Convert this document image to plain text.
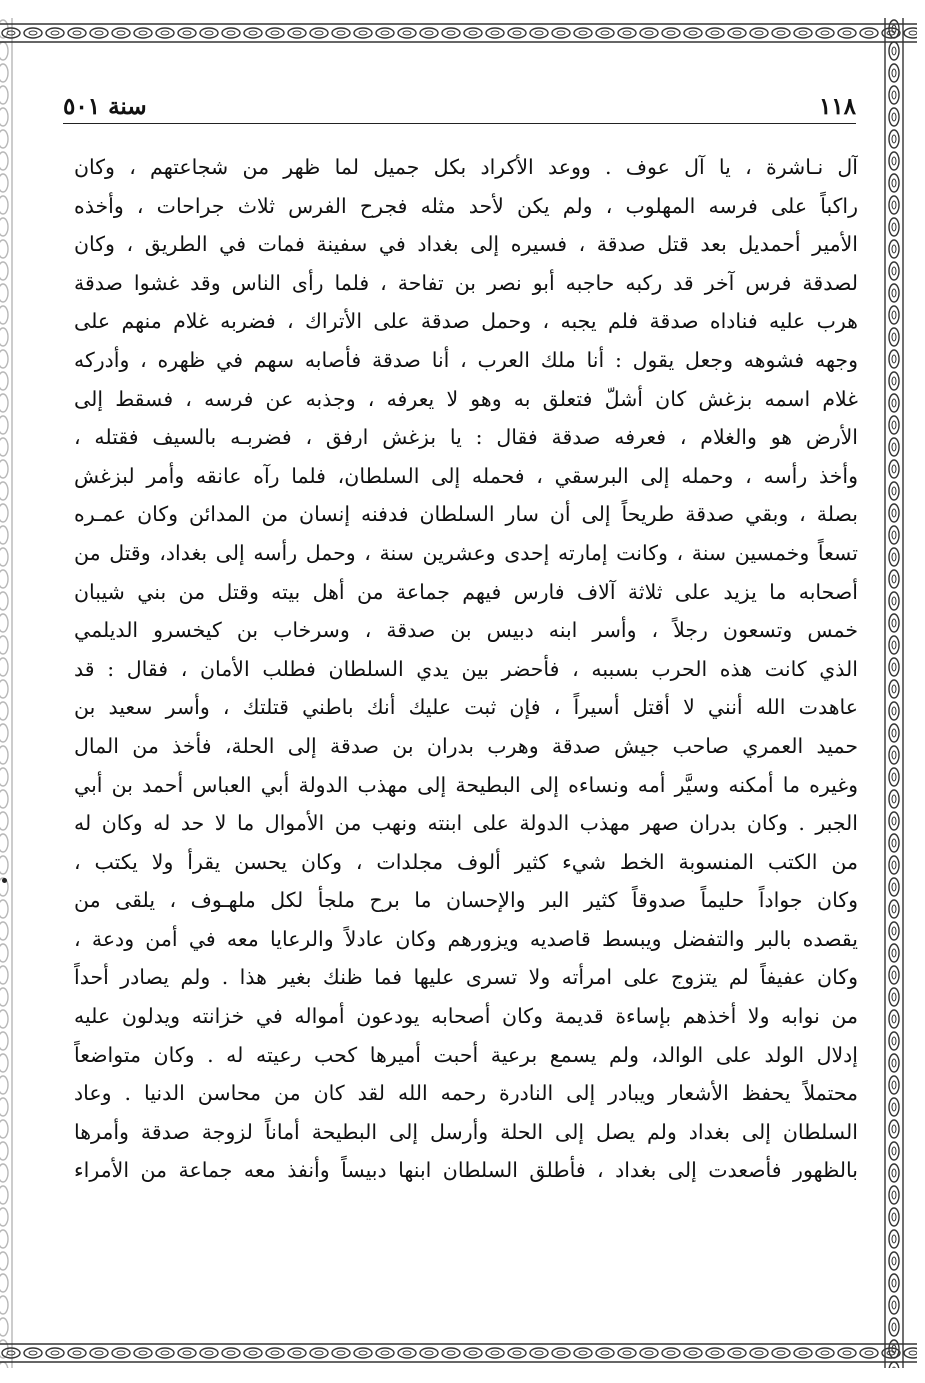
١١٨
سنة ٥٠١
آل نـاشرة ، يا آل عوف . ووعد الأكراد بكل جميل لما ظهر من شجاعتهم ، وكان
راكباً على فرسه المهلوب ، ولم يكن لأحد مثله فجرح الفرس ثلاث جراحات ، وأخذه
الأمير أحمديل بعد قتل صدقة ، فسيره إلى بغداد في سفينة فمات في الطريق ، وكان
لصدقة فرس آخر قد ركبه حاجبه أبو نصر بن تفاحة ، فلما رأى الناس وقد غشوا صدقة
هرب عليه فناداه صدقة فلم يجبه ، وحمل صدقة على الأتراك ، فضربه غلام منهم على
وجهه فشوهه وجعل يقول : أنا ملك العرب ، أنا صدقة فأصابه سهم في ظهره ، وأدركه
غلام اسمه بزغش كان أشلّ فتعلق به وهو لا يعرفه ، وجذبه عن فرسه ، فسقط إلى
الأرض هو والغلام ، فعرفه صدقة فقال : يا بزغش ارفق ، فضربـه بالسيف فقتله ،
وأخذ رأسه ، وحمله إلى البرسقي ، فحمله إلى السلطان، فلما رآه عانقه وأمر لبزغش
بصلة ، وبقي صدقة طريحاً إلى أن سار السلطان فدفنه إنسان من المدائن وكان عمـره
تسعاً وخمسين سنة ، وكانت إمارته إحدى وعشرين سنة ، وحمل رأسه إلى بغداد، وقتل من
أصحابه ما يزيد على ثلاثة آلاف فارس فيهم جماعة من أهل بيته وقتل من بني شيبان
خمس وتسعون رجلاً ، وأسر ابنه دبيس بن صدقة ، وسرخاب بن كيخسرو الديلمي
الذي كانت هذه الحرب بسببه ، فأحضر بين يدي السلطان فطلب الأمان ، فقال : قد
عاهدت الله أنني لا أقتل أسيراً ، فإن ثبت عليك أنك باطني قتلتك ، وأسر سعيد بن
حميد العمري صاحب جيش صدقة وهرب بدران بن صدقة إلى الحلة، فأخذ من المال
وغيره ما أمكنه وسيَّر أمه ونساءه إلى البطيحة إلى مهذب الدولة أبي العباس أحمد بن أبي
الجبر . وكان بدران صهر مهذب الدولة على ابنته ونهب من الأموال ما لا حد له وكان له
من الكتب المنسوبة الخط شيء كثير ألوف مجلدات ، وكان يحسن يقرأ ولا يكتب ،
وكان جواداً حليماً صدوقاً كثير البر والإحسان ما برح ملجأ لكل ملهـوف ، يلقى من
يقصده بالبر والتفضل ويبسط قاصديه ويزورهم وكان عادلاً والرعايا معه في أمن ودعة ،
وكان عفيفاً لم يتزوج على امرأته ولا تسرى عليها فما ظنك بغير هذا . ولم يصادر أحداً
من نوابه ولا أخذهم بإساءة قديمة وكان أصحابه يودعون أمواله في خزانته ويدلون عليه
إدلال الولد على الوالد، ولم يسمع برعية أحبت أميرها كحب رعيته له . وكان متواضعاً
محتملاً يحفظ الأشعار ويبادر إلى النادرة رحمه الله لقد كان من محاسن الدنيا . وعاد
السلطان إلى بغداد ولم يصل إلى الحلة وأرسل إلى البطيحة أماناً لزوجة صدقة وأمرها
بالظهور فأصعدت إلى بغداد ، فأطلق السلطان ابنها دبيساً وأنفذ معه جماعة من الأمراء
